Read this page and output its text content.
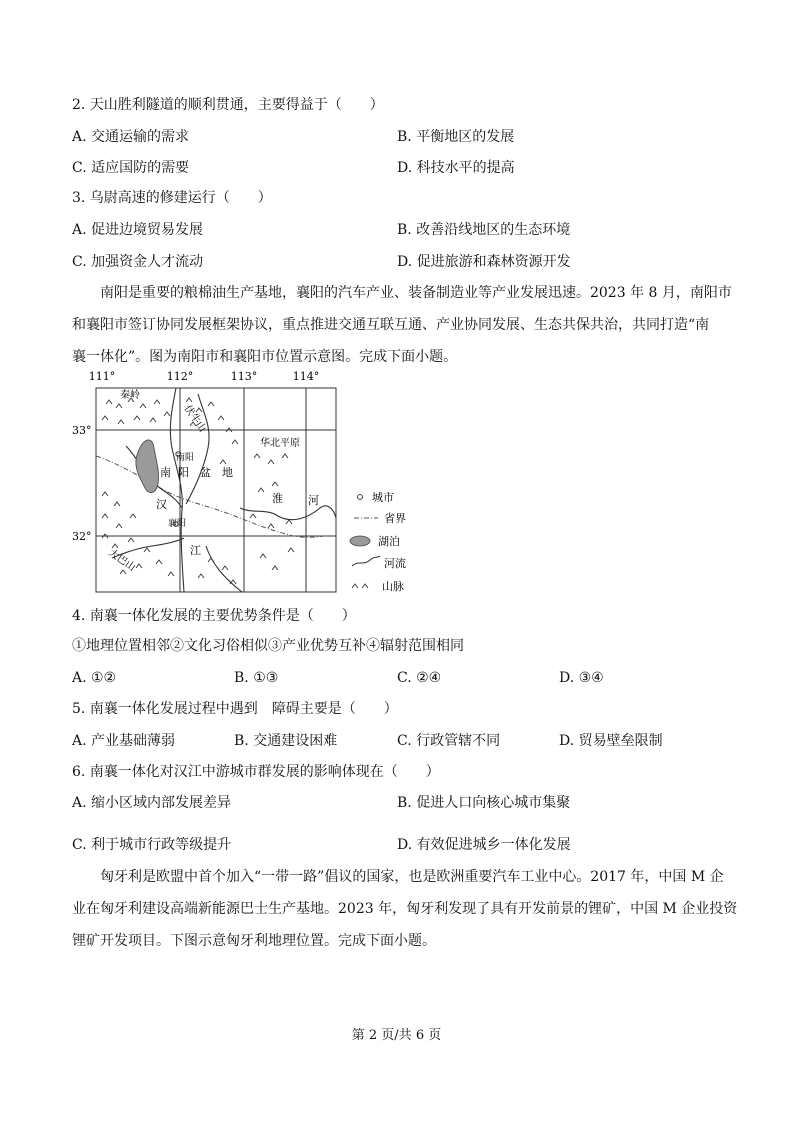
2. 天山胜利隧道的顺利贯通，主要得益于（　　）
A. 交通运输的需求	B. 平衡地区的发展
C. 适应国防的需要	D. 科技水平的提高
3. 乌尉高速的修建运行（　　）
A. 促进边境贸易发展	B. 改善沿线地区的生态环境
C. 加强资金人才流动	D. 促进旅游和森林资源开发
南阳是重要的粮棉油生产基地，襄阳的汽车产业、装备制造业等产业发展迅速。2023 年 8 月，南阳市
和襄阳市签订协同发展框架协议，重点推进交通互联互通、产业协同发展、生态共保共治，共同打造“南
襄一体化”。图为南阳市和襄阳市位置示意图。完成下面小题。
111°	112°	113°	114°
33°
32°
秦岭
伏牛山
华北平原
南阳
南 阳 盆 地
淮 河
汉
江
襄阳
大巴山
城市
省界
湖泊
河流
山脉
4. 南襄一体化发展的主要优势条件是（　　）
①地理位置相邻②文化习俗相似③产业优势互补④辐射范围相同
A. ①②	B. ①③	C. ②④	D. ③④
5. 南襄一体化发展过程中遇到　障碍主要是（　　）
A. 产业基础薄弱	B. 交通建设困难	C. 行政管辖不同	D. 贸易壁垒限制
6. 南襄一体化对汉江中游城市群发展的影响体现在（　　）
A. 缩小区域内部发展差异	B. 促进人口向核心城市集聚
C. 利于城市行政等级提升	D. 有效促进城乡一体化发展
匈牙利是欧盟中首个加入“一带一路”倡议的国家，也是欧洲重要汽车工业中心。2017 年，中国 M 企
业在匈牙利建设高端新能源巴士生产基地。2023 年，匈牙利发现了具有开发前景的锂矿，中国 M 企业投资
锂矿开发项目。下图示意匈牙利地理位置。完成下面小题。
第 2 页/共 6 页
